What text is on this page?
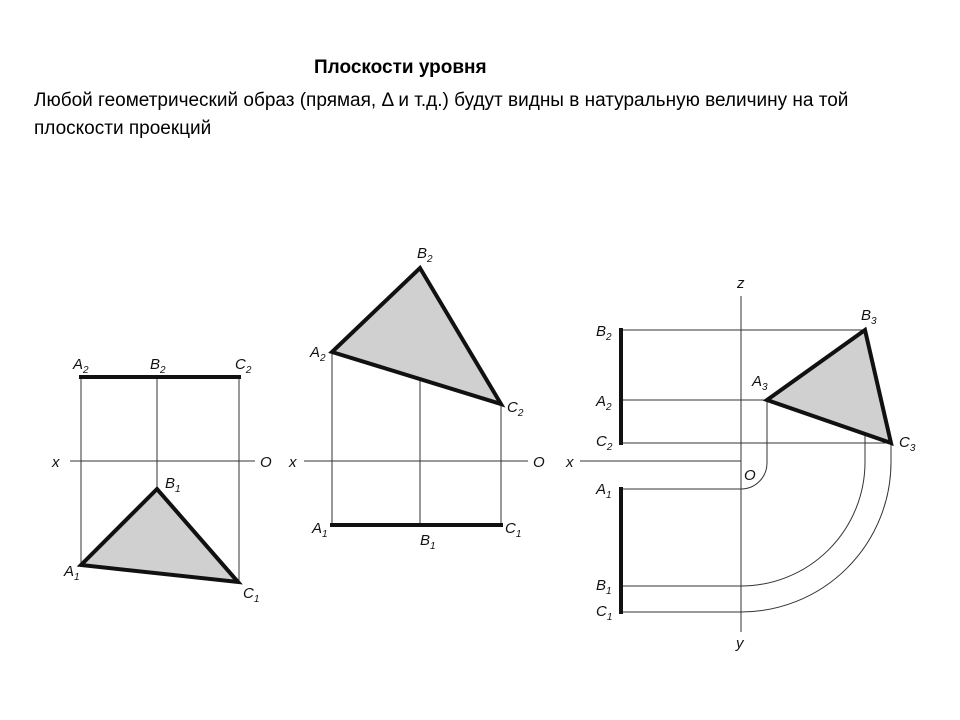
Плоскости уровня
Любой геометрический образ (прямая, Δ и т.д.) будут видны в натуральную величину на той плоскости проекций
x	O
$A_2$	$B_2$	$C_2$
$B_1$
$A_1$
$C_1$
x	O
$B_2$
$A_2$
$C_2$
$A_1$	$B_1$
$C_1$
z
y
x
O
$B_3$
$A_3$
$C_3$
$B_2$
$A_2$
$C_2$
$A_1$
$B_1$
$C_1$
